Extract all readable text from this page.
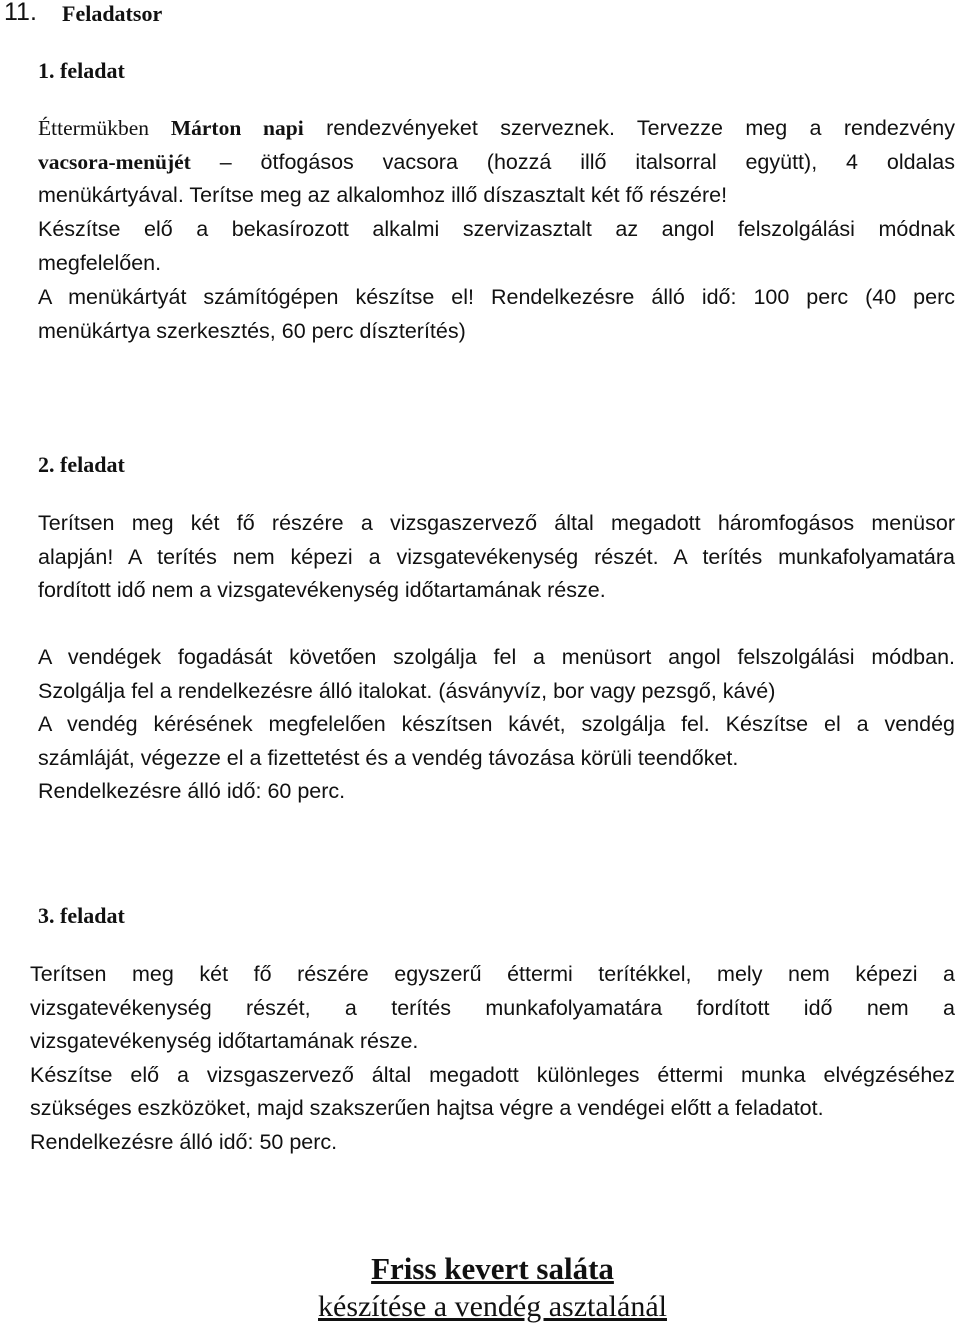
11. Feladatsor
1. feladat
Éttermükben Márton napi rendezvényeket szerveznek. Tervezze meg a rendezvény
vacsora-menüjét – ötfogásos vacsora (hozzá illő italsorral együtt), 4 oldalas
menükártyával. Terítse meg az alkalomhoz illő díszasztalt két fő részére!
Készítse elő a bekasírozott alkalmi szervizasztalt az angol felszolgálási módnak
megfelelően.
A menükártyát számítógépen készítse el! Rendelkezésre álló idő: 100 perc (40 perc
menükártya szerkesztés, 60 perc díszterítés)
2. feladat
Terítsen meg két fő részére a vizsgaszervező által megadott háromfogásos menüsor
alapján! A terítés nem képezi a vizsgatevékenység részét. A terítés munkafolyamatára
fordított idő nem a vizsgatevékenység időtartamának része.
A vendégek fogadását követően szolgálja fel a menüsort angol felszolgálási módban.
Szolgálja fel a rendelkezésre álló italokat. (ásványvíz, bor vagy pezsgő, kávé)
A vendég kérésének megfelelően készítsen kávét, szolgálja fel. Készítse el a vendég
számláját, végezze el a fizettetést és a vendég távozása körüli teendőket.
Rendelkezésre álló idő: 60 perc.
3. feladat
Terítsen meg két fő részére egyszerű éttermi terítékkel, mely nem képezi a
vizsgatevékenység részét, a terítés munkafolyamatára fordított idő nem a
vizsgatevékenység időtartamának része.
Készítse elő a vizsgaszervező által megadott különleges éttermi munka elvégzéséhez
szükséges eszközöket, majd szakszerűen hajtsa végre a vendégei előtt a feladatot.
Rendelkezésre álló idő: 50 perc.
Friss kevert saláta
készítése a vendég asztalánál
